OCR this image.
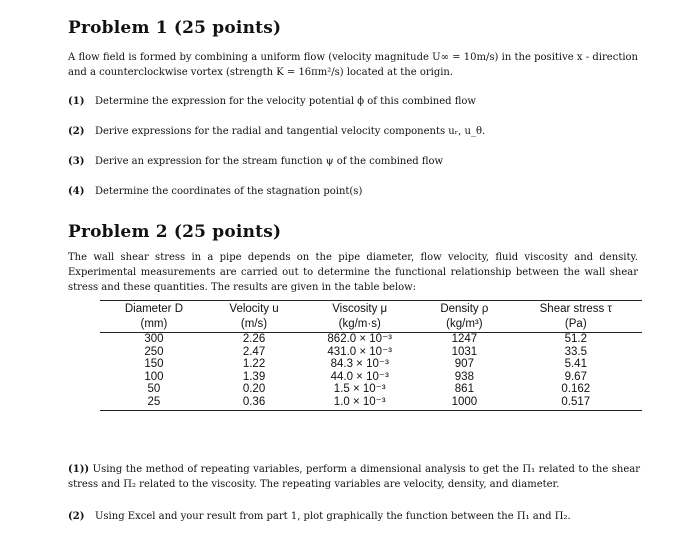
Problem 1 (25 points)
A flow field is formed by combining a uniform flow (velocity magnitude U∞ = 10m/s) in the positive x - direction and a counterclockwise vortex (strength K = 16πm²/s) located at the origin.
(1) Determine the expression for the velocity potential ϕ of this combined flow
(2) Derive expressions for the radial and tangential velocity components uᵣ, u_θ.
(3) Derive an expression for the stream function ψ of the combined flow
(4) Determine the coordinates of the stagnation point(s)
Problem 2 (25 points)
The wall shear stress in a pipe depends on the pipe diameter, flow velocity, fluid viscosity and density. Experimental measurements are carried out to determine the functional relationship between the wall shear stress and these quantities. The results are given in the table below:
Diameter D	Velocity u	Viscosity μ	Density ρ	Shear stress τ

(mm)	(m/s)	(kg/m·s)	(kg/m³)	(Pa)
300	2.26	862.0 × 10⁻³	1247	51.2
250	2.47	431.0 × 10⁻³	1031	33.5
150	1.22	84.3 × 10⁻³	907	5.41
100	1.39	44.0 × 10⁻³	938	9.67
50	0.20	1.5 × 10⁻³	861	0.162
25	0.36	1.0 × 10⁻³	1000	0.517
(1)) Using the method of repeating variables, perform a dimensional analysis to get the Π₁ related to the shear stress and Π₂ related to the viscosity. The repeating variables are velocity, density, and diameter.
(2) Using Excel and your result from part 1, plot graphically the function between the Π₁ and Π₂.
